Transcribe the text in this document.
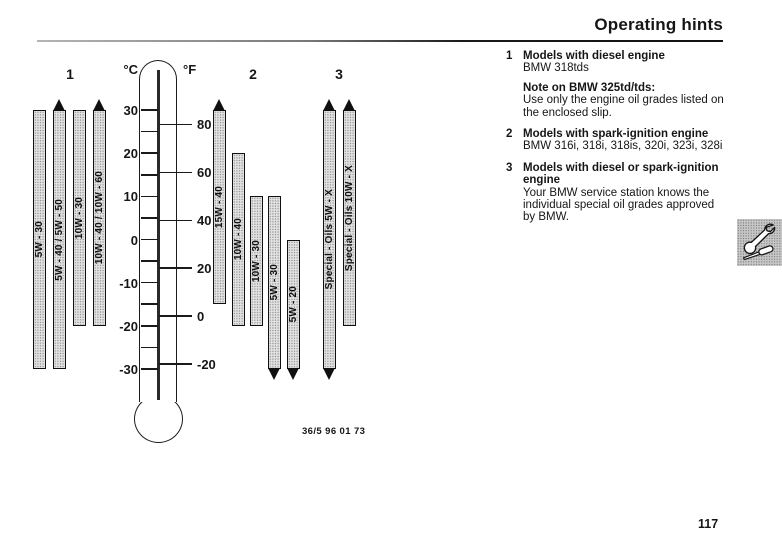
Operating hints
1	2	3
°C	°F
30
20
10
0
-10
-20
-30
80
60
40
20
0
-20
5W - 30 5W - 40 / 5W - 50 10W - 30 10W - 40 / 10W - 60	15W - 40
10W - 40
10W - 30
5W - 30
5W - 20
Special - Oils 5W - X Special - Oils 10W - X
36/5 96 01 73
1 Models with diesel engine
BMW 318tds
Note on BMW 325td/tds:
Use only the engine oil grades listed on
the enclosed slip.
2 Models with spark-ignition engine
BMW 316i, 318i, 318is, 320i, 323i, 328i
3 Models with diesel or spark-ignition
engine
Your BMW service station knows the
individual special oil grades approved
by BMW.
117
